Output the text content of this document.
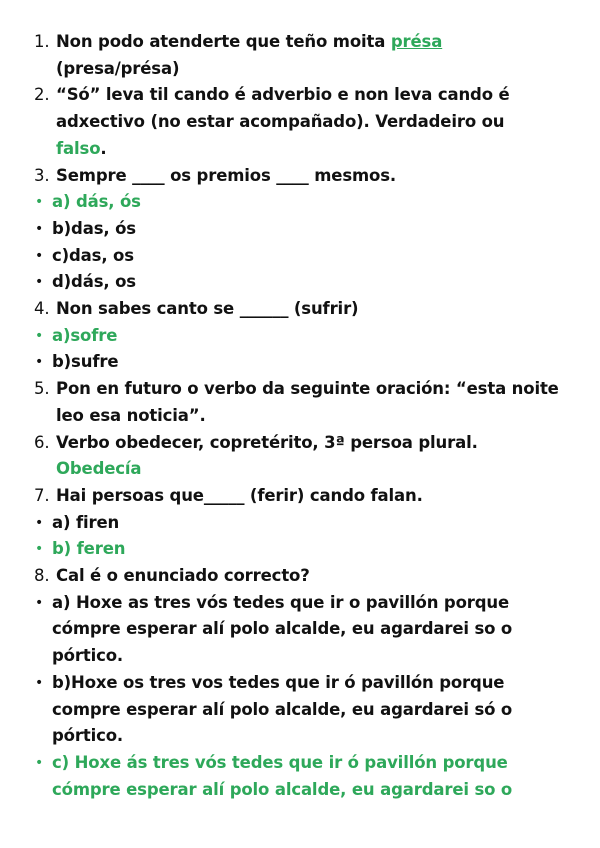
1. Non podo atenderte que teño moita présa
(presa/présa)
2. “Só” leva til cando é adverbio e non leva cando é
adxectivo (no estar acompañado). Verdadeiro ou
falso.
3. Sempre ____ os premios ____ mesmos.
• a) dás, ós
• b)das, ós
• c)das, os
• d)dás, os
4. Non sabes canto se ______ (sufrir)
• a)sofre
• b)sufre
5. Pon en futuro o verbo da seguinte oración: “esta noite
leo esa noticia”.
6. Verbo obedecer, copretérito, 3ª persoa plural.
Obedecía
7. Hai persoas que_____ (ferir) cando falan.
• a) firen
• b) feren
8. Cal é o enunciado correcto?
• a) Hoxe as tres vós tedes que ir o pavillón porque
cómpre esperar alí polo alcalde, eu agardarei so o
pórtico.
• b)Hoxe os tres vos tedes que ir ó pavillón porque
compre esperar alí polo alcalde, eu agardarei só o
pórtico.
• c) Hoxe ás tres vós tedes que ir ó pavillón porque
cómpre esperar alí polo alcalde, eu agardarei so o
